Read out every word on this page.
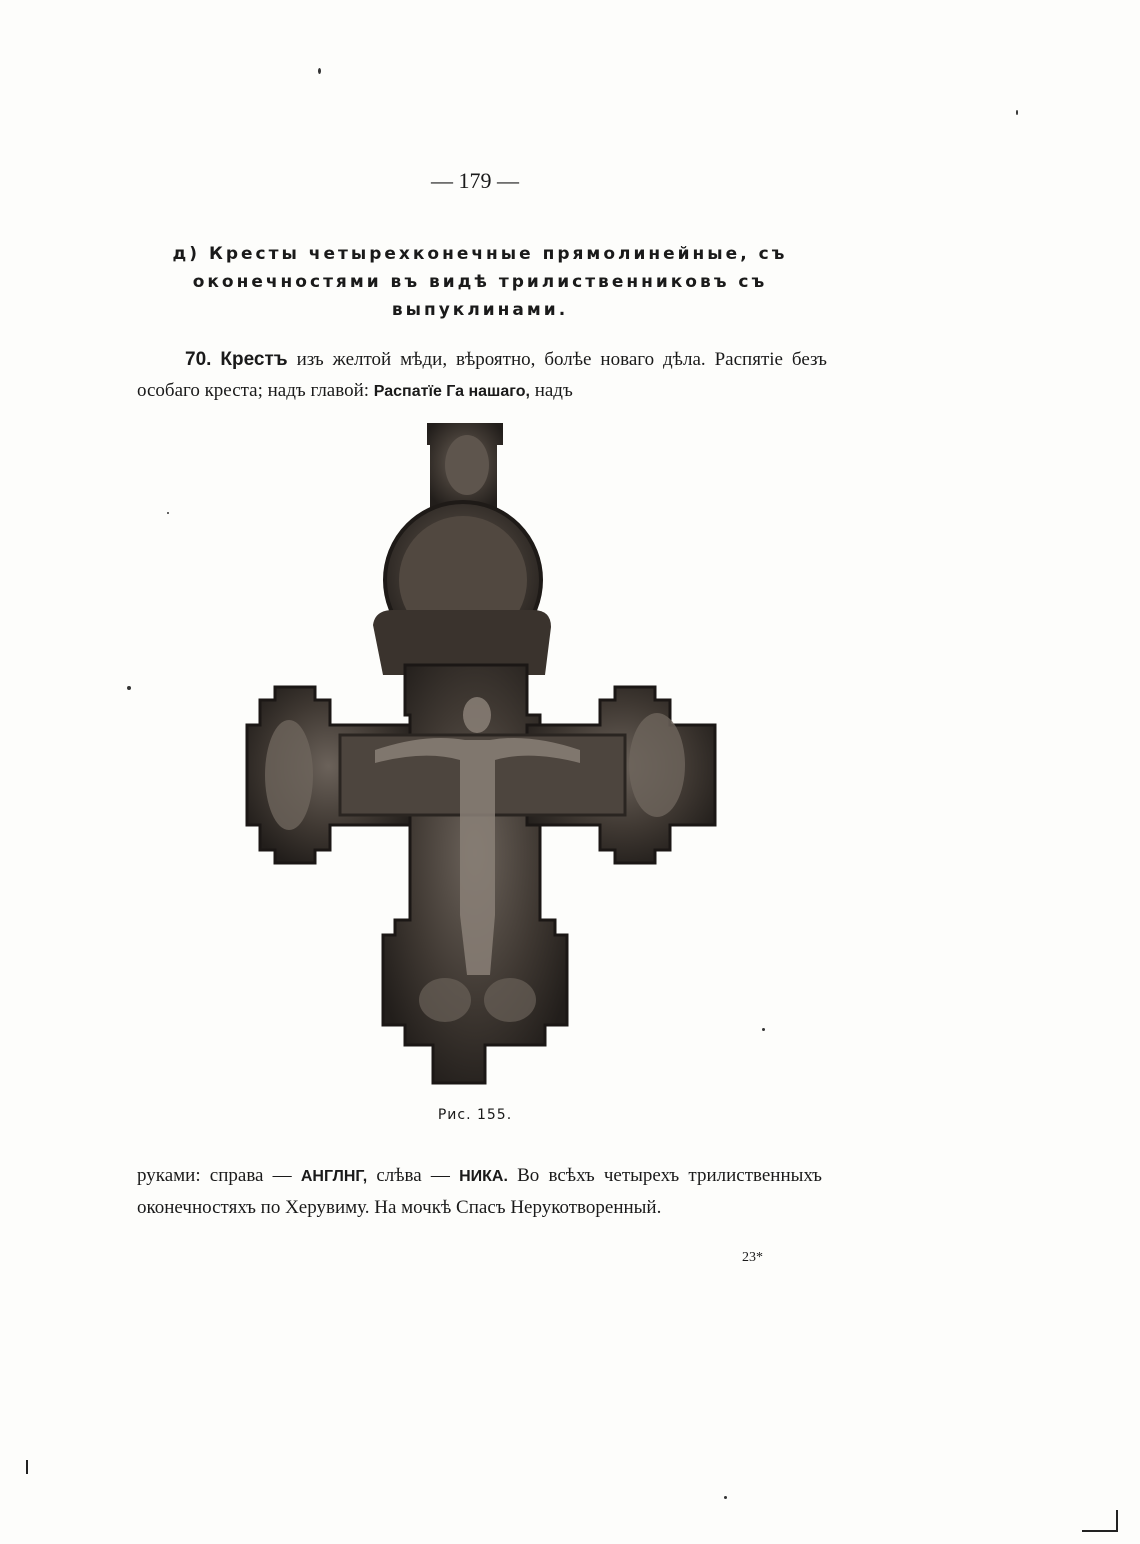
— 179 —
д) Кресты четырехконечные прямолинейные, съ
оконечностями въ видѣ трилиственниковъ съ
выпуклинами.
70. Крестъ изъ желтой мѣди, вѣроятно, болѣе новаго дѣла. Распятіе безъ особаго креста; надъ главой: Распатїе Га нашаго, надъ
Рис. 155.
руками: справа — АНГЛНГ, слѣва — НИКА. Во всѣхъ четырехъ трилиственныхъ оконечностяхъ по Херувиму. На мочкѣ Спасъ Нерукотворенный.
23*
